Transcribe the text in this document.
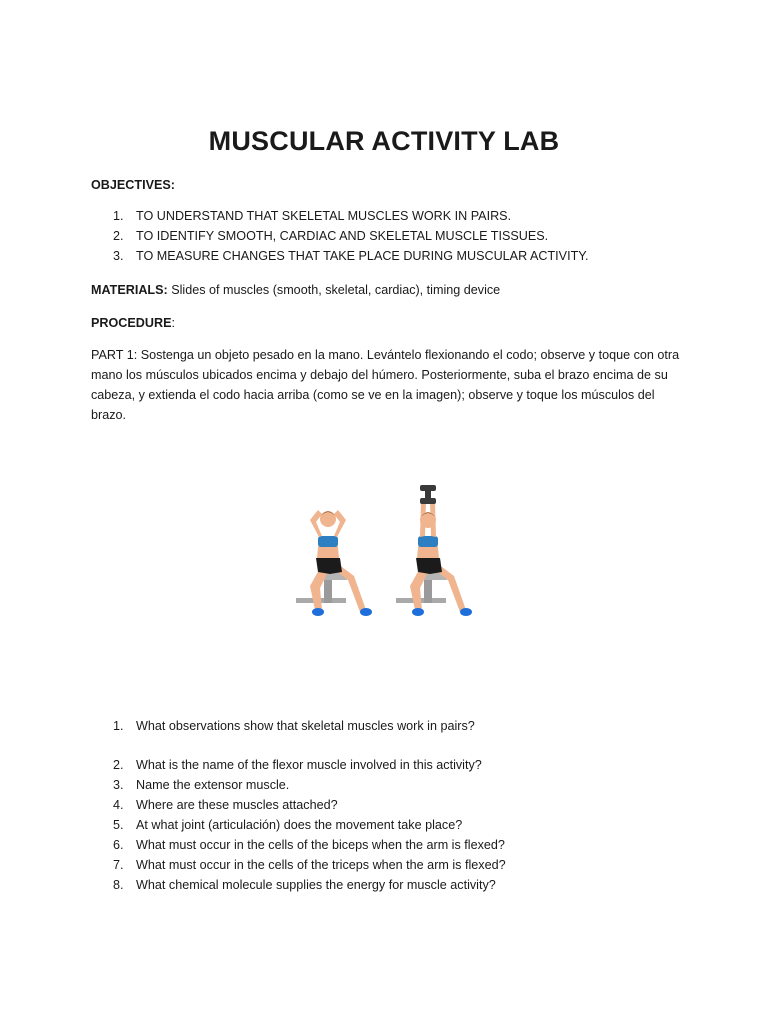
MUSCULAR ACTIVITY LAB
OBJECTIVES:
1. TO UNDERSTAND THAT SKELETAL MUSCLES WORK IN PAIRS.
2. TO IDENTIFY SMOOTH, CARDIAC AND SKELETAL MUSCLE TISSUES.
3. TO MEASURE CHANGES THAT TAKE PLACE DURING MUSCULAR ACTIVITY.
MATERIALS: Slides of muscles (smooth, skeletal, cardiac), timing device
PROCEDURE:

PART 1: Sostenga un objeto pesado en la mano. Levántelo flexionando el codo; observe y toque con otra mano los músculos ubicados encima y debajo del húmero. Posteriormente, suba el brazo encima de su cabeza, y extienda el codo hacia arriba (como se ve en la imagen); observe y toque los músculos del brazo.

1. What observations show that skeletal muscles work in pairs?
2. What is the name of the flexor muscle involved in this activity?
3. Name the extensor muscle.
4. Where are these muscles attached?
5. At what joint (articulación) does the movement take place?
6. What must occur in the cells of the biceps when the arm is flexed?
7. What must occur in the cells of the triceps when the arm is flexed?
8. What chemical molecule supplies the energy for muscle activity?
